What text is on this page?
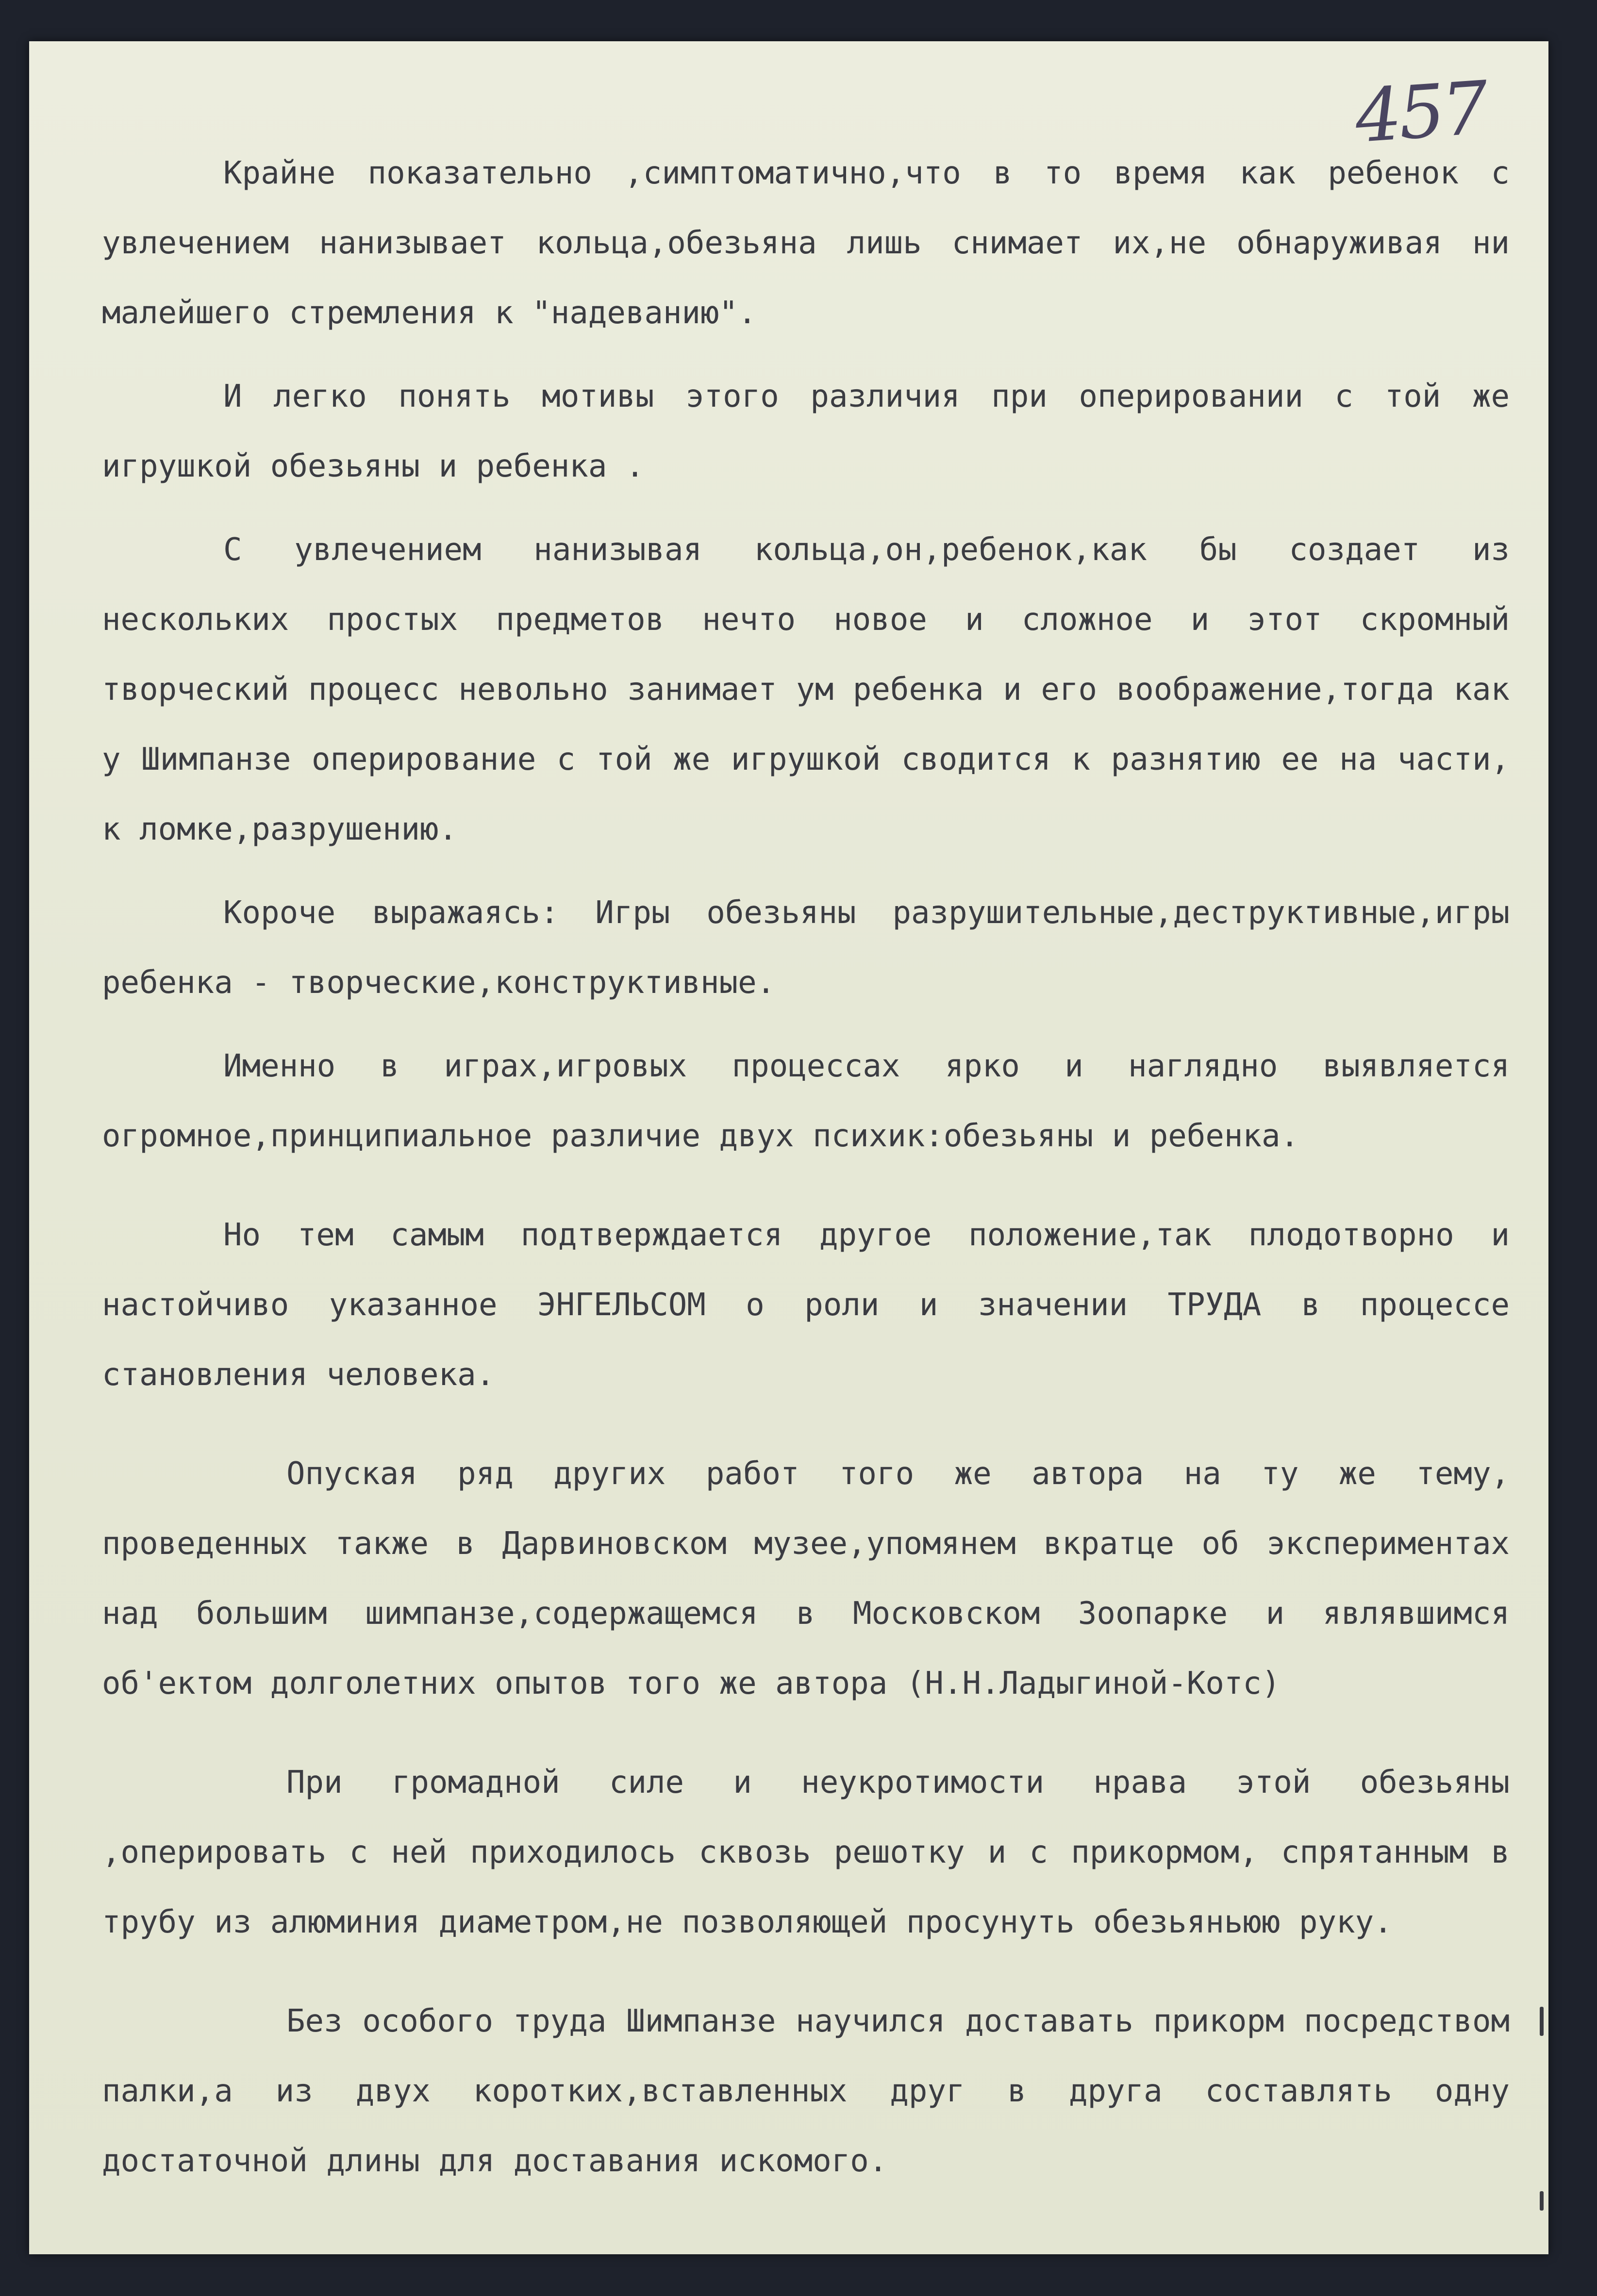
457

Крайне показательно ,симптоматично,что в то время как ребенок с увлечением нанизывает кольца,обезьяна лишь снимает их,не обнаруживая ни малейшего стремления к "надеванию".

И легко понять мотивы этого различия при оперировании с той же игрушкой обезьяны и ребенка .

С увлечением нанизывая кольца,он,ребенок,как бы создает из нескольких простых предметов нечто новое и сложное и этот скромный творческий процесс невольно занимает ум ребенка и его воображение,тогда как у Шимпанзе оперирование с той же игрушкой сводится к разнятию ее на части, к ломке,разрушению.

Короче выражаясь: Игры обезьяны разрушительные,деструктивные,игры ребенка - творческие,конструктивные.

Именно в играх,игровых процессах ярко и наглядно выявляется огромное,принципиальное различие двух психик:обезьяны и ребенка.

Но тем самым подтверждается другое положение,так плодотворно и настойчиво указанное ЭНГЕЛЬСОМ о роли и значении ТРУДА в процессе становления человека.

Опуская ряд других работ того же автора на ту же тему, проведенных также в Дарвиновском музее,упомянем вкратце об экспериментах над большим шимпанзе,содержащемся в Московском Зоопарке и являвшимся об'ектом долголетних опытов того же автора (Н.Н.Ладыгиной-Котс)

При громадной силе и неукротимости нрава этой обезьяны ,оперировать с ней приходилось сквозь решотку и с прикормом, спрятанным в трубу из алюминия диаметром,не позволяющей просунуть обезьяньюю руку.

Без особого труда Шимпанзе научился доставать прикорм посредством палки,а из двух коротких,вставленных друг в друга составлять одну достаточной длины для доставания искомого.
